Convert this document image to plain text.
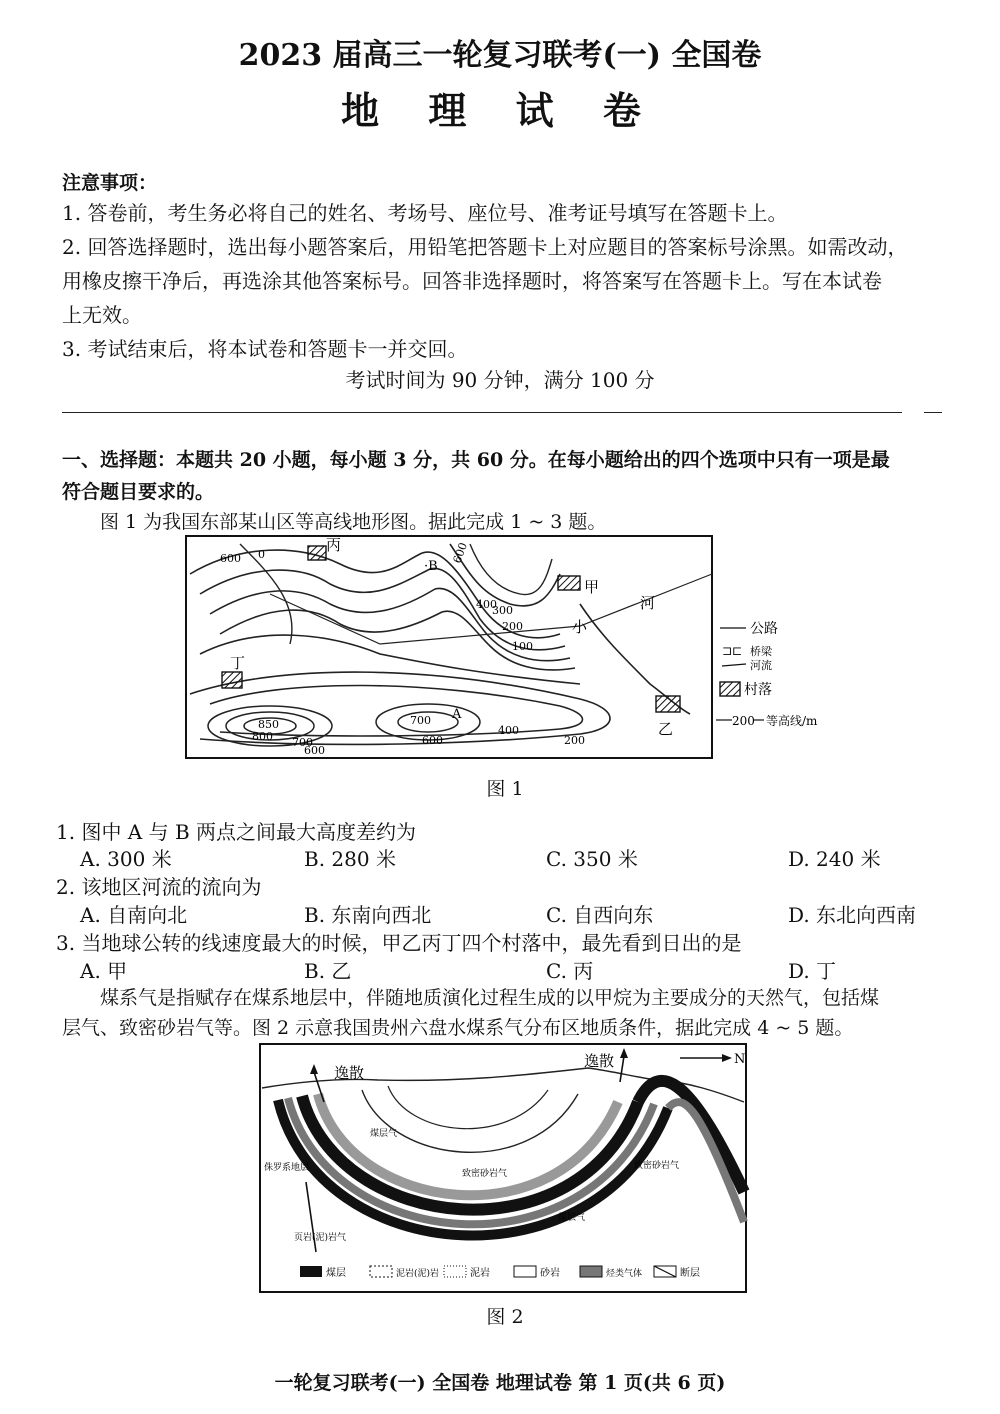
2023 届高三一轮复习联考(一) 全国卷
地 理 试 卷
注意事项：
1. 答卷前，考生务必将自己的姓名、考场号、座位号、准考证号填写在答题卡上。
2. 回答选择题时，选出每小题答案后，用铅笔把答题卡上对应题目的答案标号涂黑。如需改动，
用橡皮擦干净后，再选涂其他答案标号。回答非选择题时，将答案写在答题卡上。写在本试卷
上无效。
3. 考试结束后，将本试卷和答题卡一并交回。
考试时间为 90 分钟，满分 100 分
一、选择题：本题共 20 小题，每小题 3 分，共 60 分。在每小题给出的四个选项中只有一项是最
符合题目要求的。
图 1 为我国东部某山区等高线地形图。据此完成 1 ~ 3 题。
丙
甲
丁
乙
A
·B
河
小
600 0	600
400
300
200
100
850
800 700
600
700
600
400
200
公路
⊐⊏ 桥梁
河流
村落
200 等高线/m
图 1
1. 图中 A 与 B 两点之间最大高度差约为
A. 300 米	B. 280 米	C. 350 米	D. 240 米
2. 该地区河流的流向为
A. 自南向北	B. 东南向西北	C. 自西向东	D. 东北向西南
3. 当地球公转的线速度最大的时候，甲乙丙丁四个村落中，最先看到日出的是
A. 甲	B. 乙	C. 丙	D. 丁
煤系气是指赋存在煤系地层中，伴随地质演化过程生成的以甲烷为主要成分的天然气，包括煤
层气、致密砂岩气等。图 2 示意我国贵州六盘水煤系气分布区地质条件，据此完成 4 ~ 5 题。
N
逸散
逸散
侏罗系地层
煤层气
致密砂岩气
致密砂岩气
煤层气
页岩(泥)岩气
煤层	泥岩(泥)岩	泥岩	砂岩	烃类气体	断层
图 2
一轮复习联考(一) 全国卷 地理试卷 第 1 页(共 6 页)
